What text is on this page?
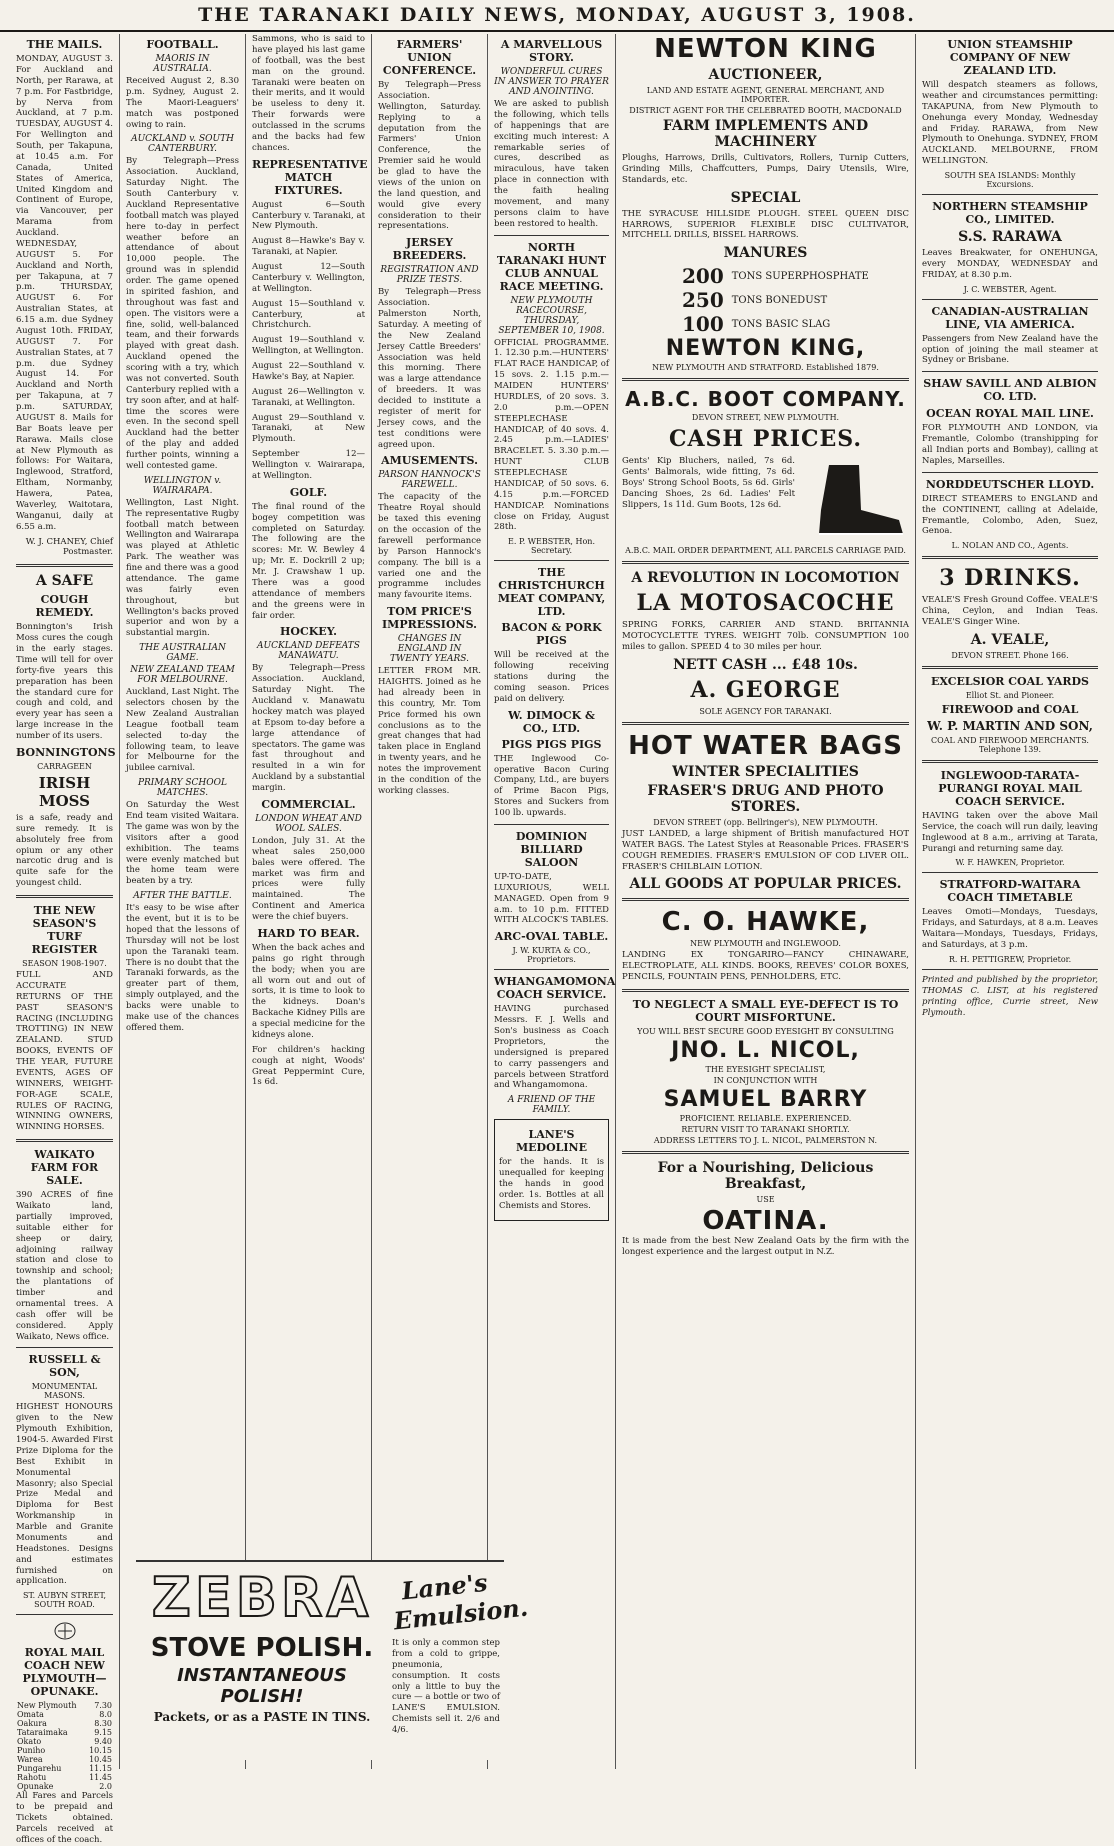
THE TARANAKI DAILY NEWS, MONDAY, AUGUST 3, 1908.
THE MAILS.

MONDAY, AUGUST 3. For Auckland and North, per Rarawa, at 7 p.m. For Fastbridge, by Nerva from Auckland, at 7 p.m. TUESDAY, AUGUST 4. For Wellington and South, per Takapuna, at 10.45 a.m. For Canada, United States of America, United Kingdom and Continent of Europe, via Vancouver, per Marama from Auckland. WEDNESDAY, AUGUST 5. For Auckland and North, per Takapuna, at 7 p.m. THURSDAY, AUGUST 6. For Australian States, at 6.15 a.m. due Sydney August 10th. FRIDAY, AUGUST 7. For Australian States, at 7 p.m. due Sydney August 14. For Auckland and North per Takapuna, at 7 p.m. SATURDAY, AUGUST 8. Mails for Bar Boats leave per Rarawa. Mails close at New Plymouth as follows: For Waitara, Inglewood, Stratford, Eltham, Normanby, Hawera, Patea, Waverley, Waitotara, Wanganui, daily at 6.55 a.m.

W. J. CHANEY, Chief Postmaster.

A SAFE
COUGH REMEDY.

Bonnington's Irish Moss cures the cough in the early stages. Time will tell for over forty-five years this preparation has been the standard cure for cough and cold, and every year has seen a large increase in the number of its users.

BONNINGTONS
CARRAGEEN
IRISH MOSS

is a safe, ready and sure remedy. It is absolutely free from opium or any other narcotic drug and is quite safe for the youngest child.

THE NEW SEASON'S TURF REGISTER
SEASON 1908-1907.

FULL AND ACCURATE RETURNS OF THE PAST SEASON'S RACING (INCLUDING TROTTING) IN NEW ZEALAND. STUD BOOKS, EVENTS OF THE YEAR, FUTURE EVENTS, AGES OF WINNERS, WEIGHT-FOR-AGE SCALE, RULES OF RACING, WINNING OWNERS, WINNING HORSES.

WAIKATO FARM FOR SALE.

390 ACRES of fine Waikato land, partially improved, suitable either for sheep or dairy, adjoining railway station and close to township and school; the plantations of timber and ornamental trees. A cash offer will be considered. Apply Waikato, News office.

RUSSELL & SON,
MONUMENTAL MASONS.

HIGHEST HONOURS given to the New Plymouth Exhibition, 1904-5. Awarded First Prize Diploma for the Best Exhibit in Monumental Masonry; also Special Prize Medal and Diploma for Best Workmanship in Marble and Granite Monuments and Headstones. Designs and estimates furnished on application.

ST. AUBYN STREET, SOUTH ROAD.
ROYAL MAIL COACH NEW PLYMOUTH—OPUNAKE.
New Plymouth	7.30
Omata	8.0
Oakura	8.30
Tataraimaka	9.15
Okato	9.40
Puniho	10.15
Warea	10.45
Pungarehu	11.15
Rahotu	11.45
Opunake	2.0

All Fares and Parcels to be prepaid and Tickets obtained. Parcels received at offices of the coach.

FOOTBALL.
MAORIS IN AUSTRALIA.

Received August 2, 8.30 p.m. Sydney, August 2. The Maori-Leaguers' match was postponed owing to rain.

AUCKLAND v. SOUTH CANTERBURY.

By Telegraph—Press Association. Auckland, Saturday Night. The South Canterbury v. Auckland Representative football match was played here to-day in perfect weather before an attendance of about 10,000 people. The ground was in splendid order. The game opened in spirited fashion, and throughout was fast and open. The visitors were a fine, solid, well-balanced team, and their forwards played with great dash. Auckland opened the scoring with a try, which was not converted. South Canterbury replied with a try soon after, and at half-time the scores were even. In the second spell Auckland had the better of the play and added further points, winning a well contested game.

WELLINGTON v. WAIRARAPA.

Wellington, Last Night. The representative Rugby football match between Wellington and Wairarapa was played at Athletic Park. The weather was fine and there was a good attendance. The game was fairly even throughout, but Wellington's backs proved superior and won by a substantial margin.

THE AUSTRALIAN GAME.
NEW ZEALAND TEAM FOR MELBOURNE.

Auckland, Last Night. The selectors chosen by the New Zealand Australian League football team selected to-day the following team, to leave for Melbourne for the jubilee carnival.

PRIMARY SCHOOL MATCHES.

On Saturday the West End team visited Waitara. The game was won by the visitors after a good exhibition. The teams were evenly matched but the home team were beaten by a try.

AFTER THE BATTLE.

It's easy to be wise after the event, but it is to be hoped that the lessons of Thursday will not be lost upon the Taranaki team. There is no doubt that the Taranaki forwards, as the greater part of them, simply outplayed, and the backs were unable to make use of the chances offered them.

Sammons, who is said to have played his last game of football, was the best man on the ground. Taranaki were beaten on their merits, and it would be useless to deny it. Their forwards were outclassed in the scrums and the backs had few chances.

REPRESENTATIVE MATCH FIXTURES.

August 6—South Canterbury v. Taranaki, at New Plymouth.

August 8—Hawke's Bay v. Taranaki, at Napier.

August 12—South Canterbury v. Wellington, at Wellington.

August 15—Southland v. Canterbury, at Christchurch.

August 19—Southland v. Wellington, at Wellington.

August 22—Southland v. Hawke's Bay, at Napier.

August 26—Wellington v. Taranaki, at Wellington.

August 29—Southland v. Taranaki, at New Plymouth.

September 12—Wellington v. Wairarapa, at Wellington.

GOLF.

The final round of the bogey competition was completed on Saturday. The following are the scores: Mr. W. Bewley 4 up; Mr. E. Dockrill 2 up; Mr. J. Crawshaw 1 up. There was a good attendance of members and the greens were in fair order.

HOCKEY.
AUCKLAND DEFEATS MANAWATU.

By Telegraph—Press Association. Auckland, Saturday Night. The Auckland v. Manawatu hockey match was played at Epsom to-day before a large attendance of spectators. The game was fast throughout and resulted in a win for Auckland by a substantial margin.

COMMERCIAL.
LONDON WHEAT AND WOOL SALES.

London, July 31. At the wheat sales 250,000 bales were offered. The market was firm and prices were fully maintained. The Continent and America were the chief buyers.

HARD TO BEAR.

When the back aches and pains go right through the body; when you are all worn out and out of sorts, it is time to look to the kidneys. Doan's Backache Kidney Pills are a special medicine for the kidneys alone.

For children's hacking cough at night, Woods' Great Peppermint Cure, 1s 6d.

FARMERS' UNION CONFERENCE.

By Telegraph—Press Association. Wellington, Saturday. Replying to a deputation from the Farmers' Union Conference, the Premier said he would be glad to have the views of the union on the land question, and would give every consideration to their representations.

JERSEY BREEDERS.
REGISTRATION AND PRIZE TESTS.

By Telegraph—Press Association. Palmerston North, Saturday. A meeting of the New Zealand Jersey Cattle Breeders' Association was held this morning. There was a large attendance of breeders. It was decided to institute a register of merit for Jersey cows, and the test conditions were agreed upon.

AMUSEMENTS.
PARSON HANNOCK'S FAREWELL.

The capacity of the Theatre Royal should be taxed this evening on the occasion of the farewell performance by Parson Hannock's company. The bill is a varied one and the programme includes many favourite items.

TOM PRICE'S IMPRESSIONS.
CHANGES IN ENGLAND IN TWENTY YEARS.

LETTER FROM MR. HAIGHTS. Joined as he had already been in this country, Mr. Tom Price formed his own conclusions as to the great changes that had taken place in England in twenty years, and he notes the improvement in the condition of the working classes.

A MARVELLOUS STORY.
WONDERFUL CURES IN ANSWER TO PRAYER AND ANOINTING.

We are asked to publish the following, which tells of happenings that are exciting much interest: A remarkable series of cures, described as miraculous, have taken place in connection with the faith healing movement, and many persons claim to have been restored to health.

NORTH TARANAKI HUNT CLUB ANNUAL RACE MEETING.
NEW PLYMOUTH RACECOURSE, THURSDAY, SEPTEMBER 10, 1908.

OFFICIAL PROGRAMME. 1. 12.30 p.m.—HUNTERS' FLAT RACE HANDICAP, of 15 sovs. 2. 1.15 p.m.—MAIDEN HUNTERS' HURDLES, of 20 sovs. 3. 2.0 p.m.—OPEN STEEPLECHASE HANDICAP, of 40 sovs. 4. 2.45 p.m.—LADIES' BRACELET. 5. 3.30 p.m.—HUNT CLUB STEEPLECHASE HANDICAP, of 50 sovs. 6. 4.15 p.m.—FORCED HANDICAP. Nominations close on Friday, August 28th.

E. P. WEBSTER, Hon. Secretary.
THE CHRISTCHURCH MEAT COMPANY, LTD.
BACON & PORK PIGS

Will be received at the following receiving stations during the coming season. Prices paid on delivery.

W. DIMOCK & CO., LTD.
PIGS PIGS PIGS

THE Inglewood Co-operative Bacon Curing Company, Ltd., are buyers of Prime Bacon Pigs, Stores and Suckers from 100 lb. upwards.

DOMINION BILLIARD SALOON

UP-TO-DATE, LUXURIOUS, WELL MANAGED. Open from 9 a.m. to 10 p.m. FITTED WITH ALCOCK'S TABLES.

ARC-OVAL TABLE.
J. W. KURTA & CO., Proprietors.
WHANGAMOMONA COACH SERVICE.

HAVING purchased Messrs. F. J. Wells and Son's business as Coach Proprietors, the undersigned is prepared to carry passengers and parcels between Stratford and Whangamomona.

A FRIEND OF THE FAMILY.
LANE'S MEDOLINE

for the hands. It is unequalled for keeping the hands in good order. 1s. Bottles at all Chemists and Stores.

NEWTON KING
AUCTIONEER,
LAND AND ESTATE AGENT, GENERAL MERCHANT, AND IMPORTER.
DISTRICT AGENT FOR THE CELEBRATED BOOTH, MACDONALD
FARM IMPLEMENTS AND MACHINERY

Ploughs, Harrows, Drills, Cultivators, Rollers, Turnip Cutters, Grinding Mills, Chaffcutters, Pumps, Dairy Utensils, Wire, Standards, etc.

SPECIAL

THE SYRACUSE HILLSIDE PLOUGH. STEEL QUEEN DISC HARROWS, SUPERIOR FLEXIBLE DISC CULTIVATOR, MITCHELL DRILLS, BISSEL HARROWS.

MANURES
200 TONS SUPERPHOSPHATE
250 TONS BONEDUST
100 TONS BASIC SLAG
NEWTON KING,
NEW PLYMOUTH AND STRATFORD. Established 1879.
A.B.C. BOOT COMPANY.
DEVON STREET, NEW PLYMOUTH.
CASH PRICES.

Gents' Kip Bluchers, nailed, 7s 6d. Gents' Balmorals, wide fitting, 7s 6d. Boys' Strong School Boots, 5s 6d. Girls' Dancing Shoes, 2s 6d. Ladies' Felt Slippers, 1s 11d. Gum Boots, 12s 6d.

A.B.C. MAIL ORDER DEPARTMENT, ALL PARCELS CARRIAGE PAID.
A REVOLUTION IN LOCOMOTION
LA MOTOSACOCHE

SPRING FORKS, CARRIER AND STAND. BRITANNIA MOTOCYCLETTE TYRES. WEIGHT 70lb. CONSUMPTION 100 miles to gallon. SPEED 4 to 30 miles per hour.

NETT CASH ... £48 10s.
A. GEORGE
SOLE AGENCY FOR TARANAKI.
HOT WATER BAGS
WINTER SPECIALITIES
FRASER'S DRUG AND PHOTO STORES.
DEVON STREET (opp. Bellringer's), NEW PLYMOUTH.

JUST LANDED, a large shipment of British manufactured HOT WATER BAGS. The Latest Styles at Reasonable Prices. FRASER'S COUGH REMEDIES. FRASER'S EMULSION OF COD LIVER OIL. FRASER'S CHILBLAIN LOTION.

ALL GOODS AT POPULAR PRICES.
C. O. HAWKE,
NEW PLYMOUTH and INGLEWOOD.

LANDING EX TONGARIRO—FANCY CHINAWARE, ELECTROPLATE, ALL KINDS. BOOKS, REEVES' COLOR BOXES, PENCILS, FOUNTAIN PENS, PENHOLDERS, ETC.

TO NEGLECT A SMALL EYE-DEFECT IS TO COURT MISFORTUNE.
YOU WILL BEST SECURE GOOD EYESIGHT BY CONSULTING
JNO. L. NICOL,
THE EYESIGHT SPECIALIST,
IN CONJUNCTION WITH
SAMUEL BARRY
PROFICIENT. RELIABLE. EXPERIENCED.
RETURN VISIT TO TARANAKI SHORTLY.
ADDRESS LETTERS TO J. L. NICOL, PALMERSTON N.
For a Nourishing, Delicious Breakfast,
USE
OATINA.

It is made from the best New Zealand Oats by the firm with the longest experience and the largest output in N.Z.

UNION STEAMSHIP COMPANY OF NEW ZEALAND LTD.

Will despatch steamers as follows, weather and circumstances permitting: TAKAPUNA, from New Plymouth to Onehunga every Monday, Wednesday and Friday. RARAWA, from New Plymouth to Onehunga. SYDNEY, FROM AUCKLAND. MELBOURNE, FROM WELLINGTON.

SOUTH SEA ISLANDS: Monthly Excursions.
NORTHERN STEAMSHIP CO., LIMITED.
S.S. RARAWA

Leaves Breakwater, for ONEHUNGA, every MONDAY, WEDNESDAY and FRIDAY, at 8.30 p.m.

J. C. WEBSTER, Agent.
CANADIAN-AUSTRALIAN LINE, VIA AMERICA.

Passengers from New Zealand have the option of joining the mail steamer at Sydney or Brisbane.

SHAW SAVILL AND ALBION CO. LTD.
OCEAN ROYAL MAIL LINE.

FOR PLYMOUTH AND LONDON, via Fremantle, Colombo (transhipping for all Indian ports and Bombay), calling at Naples, Marseilles.

NORDDEUTSCHER LLOYD.

DIRECT STEAMERS to ENGLAND and the CONTINENT, calling at Adelaide, Fremantle, Colombo, Aden, Suez, Genoa.

L. NOLAN AND CO., Agents.
3 DRINKS.

VEALE'S Fresh Ground Coffee. VEALE'S China, Ceylon, and Indian Teas. VEALE'S Ginger Wine.

A. VEALE,
DEVON STREET. Phone 166.
EXCELSIOR COAL YARDS
Elliot St. and Pioneer.
FIREWOOD and COAL
W. P. MARTIN AND SON,
COAL AND FIREWOOD MERCHANTS. Telephone 139.
INGLEWOOD-TARATA-PURANGI ROYAL MAIL COACH SERVICE.

HAVING taken over the above Mail Service, the coach will run daily, leaving Inglewood at 8 a.m., arriving at Tarata, Purangi and returning same day.

W. F. HAWKEN, Proprietor.
STRATFORD-WAITARA COACH TIMETABLE

Leaves Omoti—Mondays, Tuesdays, Fridays, and Saturdays, at 8 a.m. Leaves Waitara—Mondays, Tuesdays, Fridays, and Saturdays, at 3 p.m.

R. H. PETTIGREW, Proprietor.

Printed and published by the proprietor, THOMAS C. LIST, at his registered printing office, Currie street, New Plymouth.

ZEBRA
STOVE POLISH.
INSTANTANEOUS POLISH!
Packets, or as a PASTE IN TINS.
Lane's Emulsion.

It is only a common step from a cold to grippe, pneumonia, consumption. It costs only a little to buy the cure — a bottle or two of LANE'S EMULSION. Chemists sell it. 2/6 and 4/6.
